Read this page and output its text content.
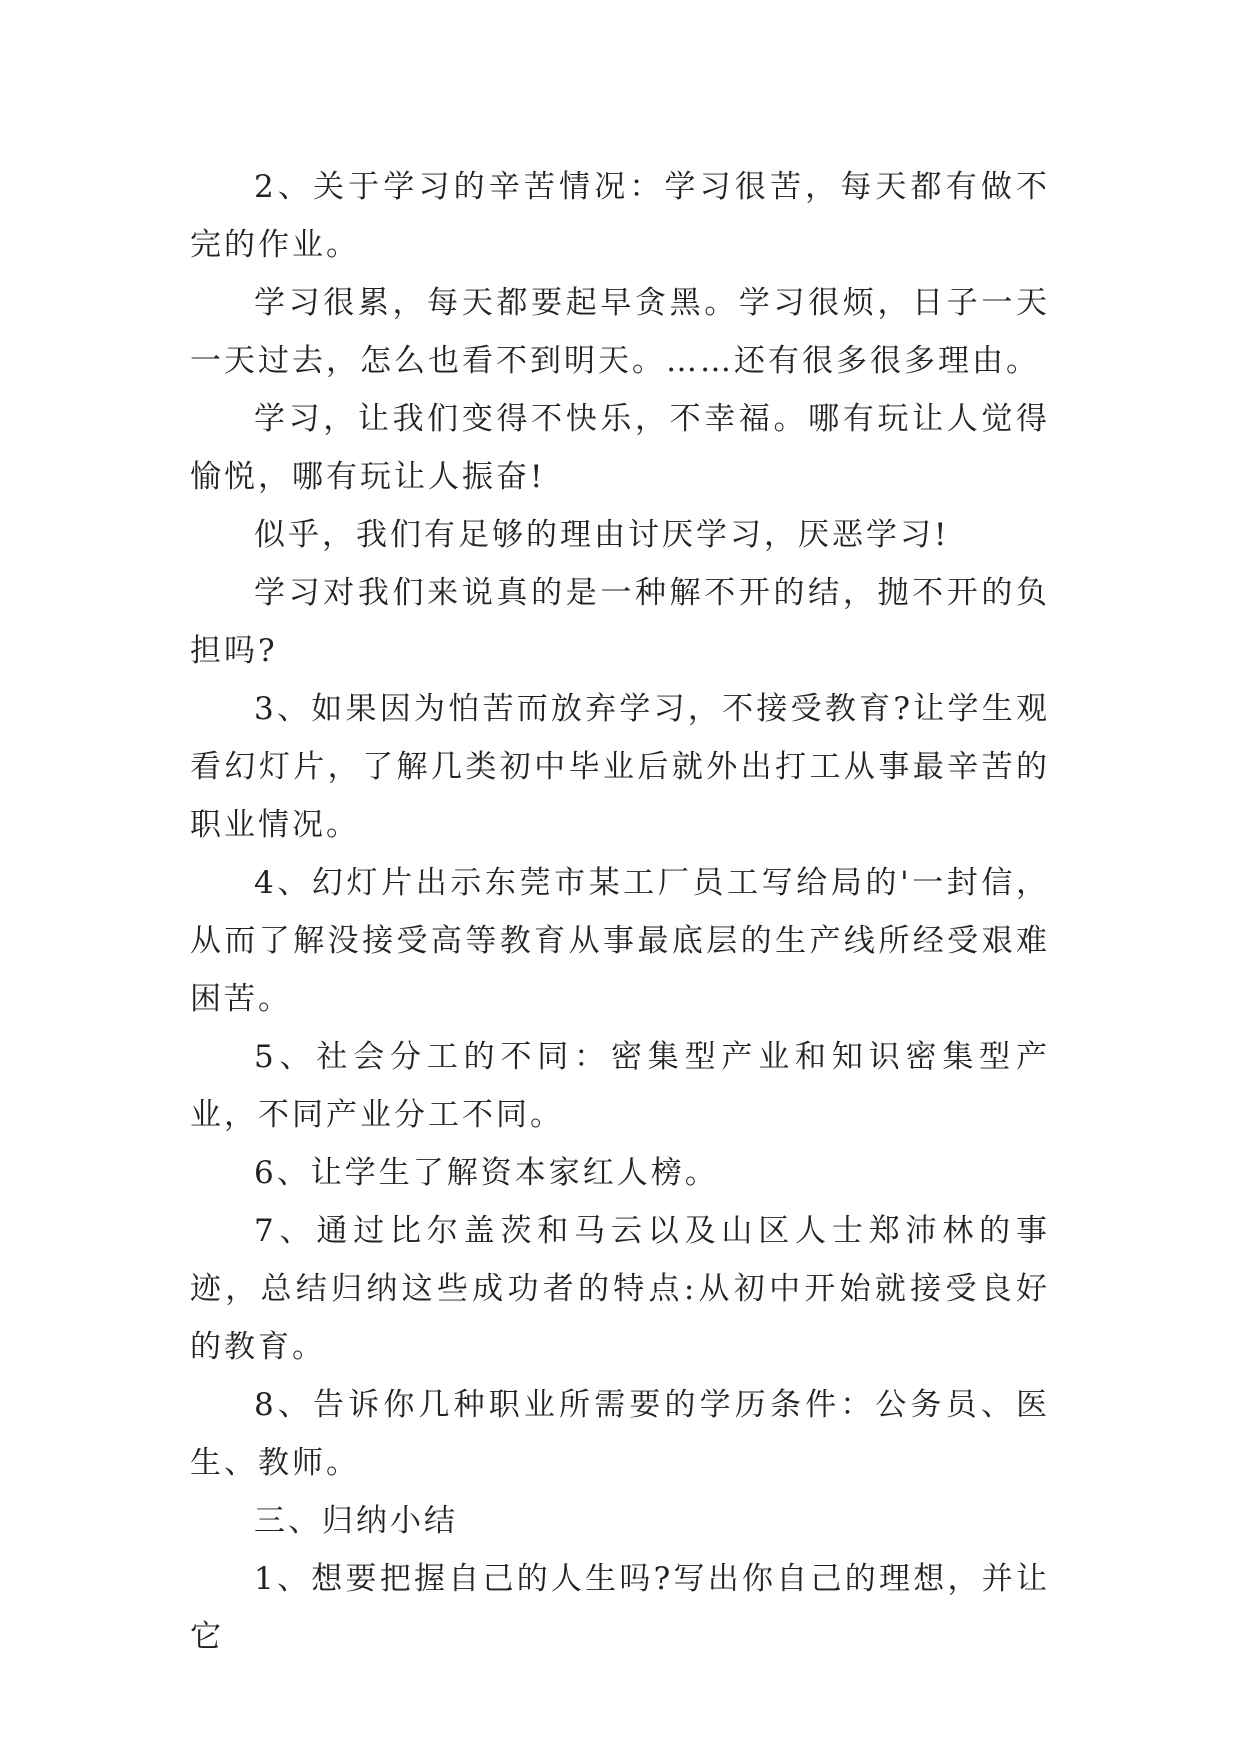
2、关于学习的辛苦情况：学习很苦，每天都有做不完的作业。

学习很累，每天都要起早贪黑。学习很烦，日子一天一天过去，怎么也看不到明天。……还有很多很多理由。

学习，让我们变得不快乐，不幸福。哪有玩让人觉得愉悦，哪有玩让人振奋!

似乎，我们有足够的理由讨厌学习，厌恶学习!

学习对我们来说真的是一种解不开的结，抛不开的负担吗?

3、如果因为怕苦而放弃学习，不接受教育?让学生观看幻灯片，了解几类初中毕业后就外出打工从事最辛苦的职业情况。

4、幻灯片出示东莞市某工厂员工写给局的'一封信，从而了解没接受高等教育从事最底层的生产线所经受艰难困苦。

5、社会分工的不同：密集型产业和知识密集型产业，不同产业分工不同。

6、让学生了解资本家红人榜。

7、通过比尔盖茨和马云以及山区人士郑沛林的事迹，总结归纳这些成功者的特点:从初中开始就接受良好的教育。

8、告诉你几种职业所需要的学历条件：公务员、医生、教师。

三、归纳小结

1、想要把握自己的人生吗?写出你自己的理想，并让它
